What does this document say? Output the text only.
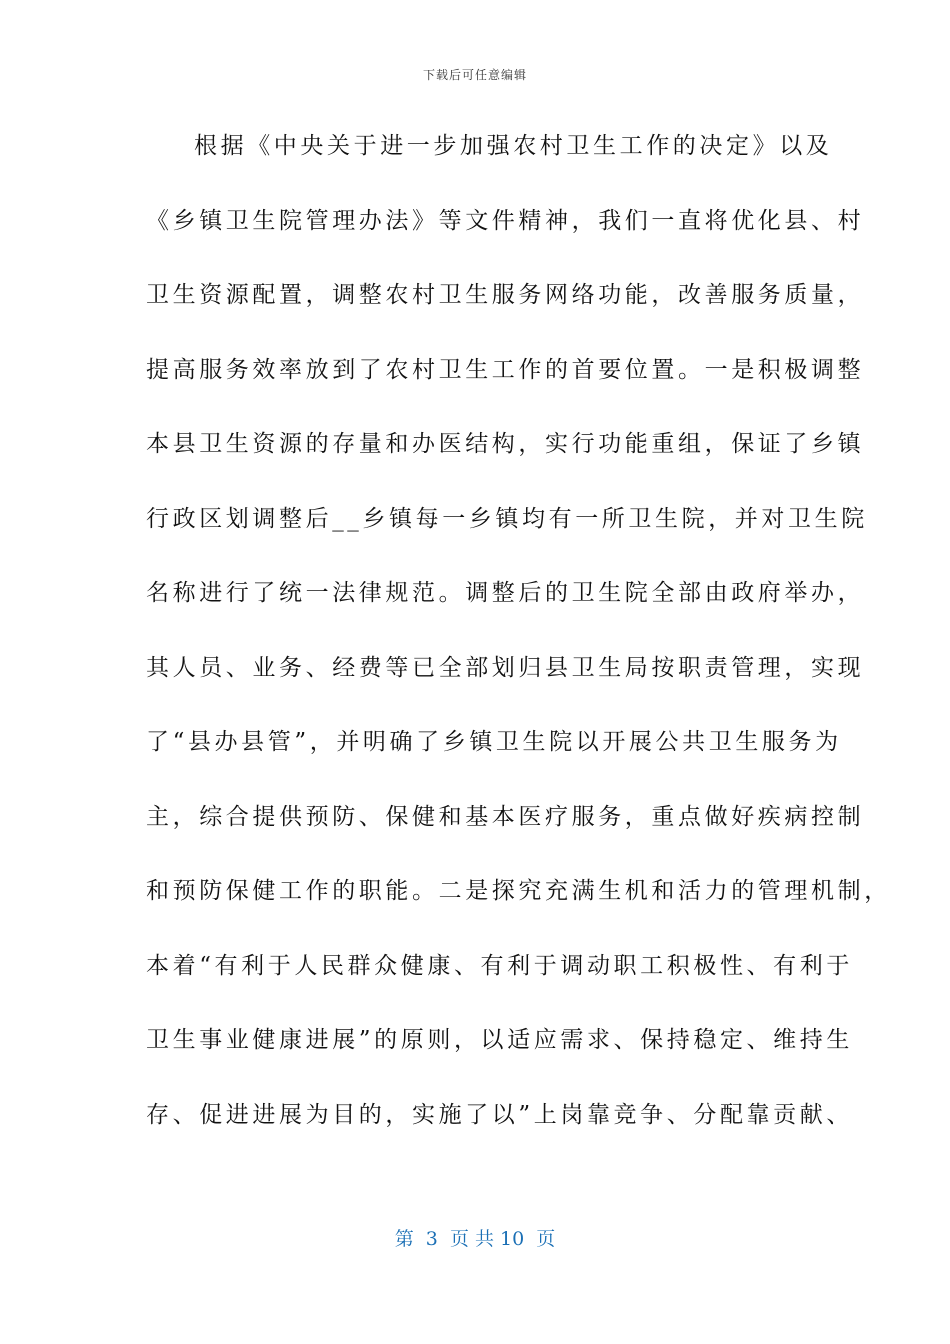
下载后可任意编辑
根据《中央关于进一步加强农村卫生工作的决定》以及
《乡镇卫生院管理办法》等文件精神，我们一直将优化县、村
卫生资源配置，调整农村卫生服务网络功能，改善服务质量，
提高服务效率放到了农村卫生工作的首要位置。一是积极调整
本县卫生资源的存量和办医结构，实行功能重组，保证了乡镇
行政区划调整后__乡镇每一乡镇均有一所卫生院，并对卫生院
名称进行了统一法律规范。调整后的卫生院全部由政府举办，
其人员、业务、经费等已全部划归县卫生局按职责管理，实现
了“县办县管”，并明确了乡镇卫生院以开展公共卫生服务为
主，综合提供预防、保健和基本医疗服务，重点做好疾病控制
和预防保健工作的职能。二是探究充满生机和活力的管理机制，
本着“有利于人民群众健康、有利于调动职工积极性、有利于
卫生事业健康进展”的原则，以适应需求、保持稳定、维持生
存、促进进展为目的，实施了以”上岗靠竞争、分配靠贡献、
第  3  页 共 10  页
